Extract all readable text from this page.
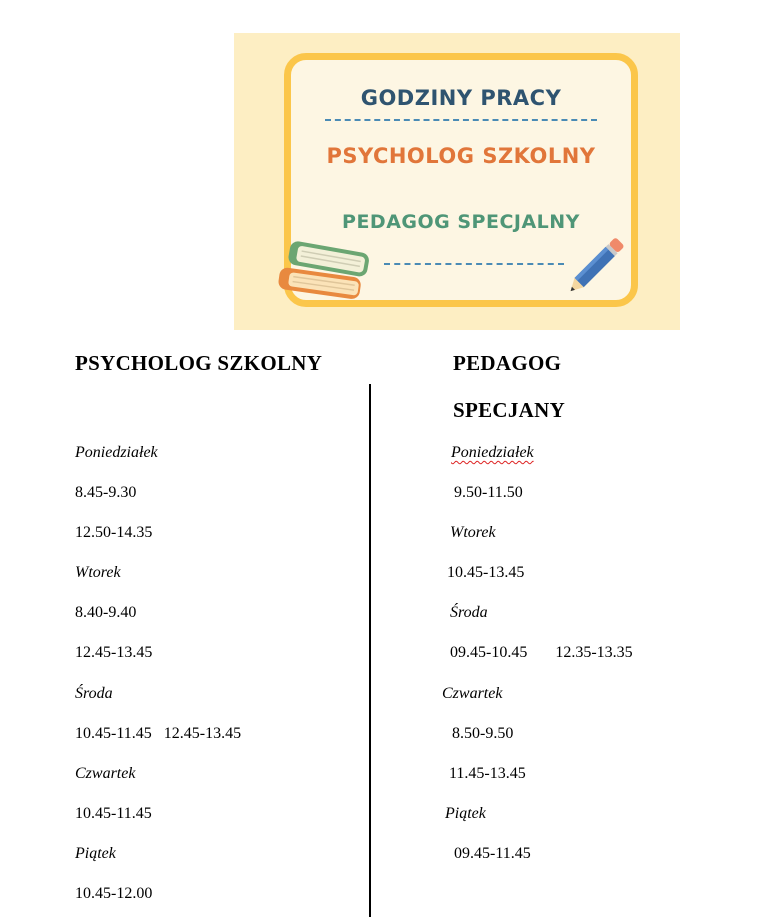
GODZINY PRACY
PSYCHOLOG SZKOLNY
PEDAGOG SPECJALNY
PSYCHOLOG SZKOLNY
Poniedziałek
8.45-9.30
12.50-14.35
Wtorek
8.40-9.40
12.45-13.45
Środa
10.45-11.45   12.45-13.45
Czwartek
10.45-11.45
Piątek
10.45-12.00
PEDAGOG
SPECJANY
Poniedziałek
9.50-11.50
Wtorek
10.45-13.45
Środa
09.45-10.45       12.35-13.35
Czwartek
8.50-9.50
11.45-13.45
Piątek
09.45-11.45
